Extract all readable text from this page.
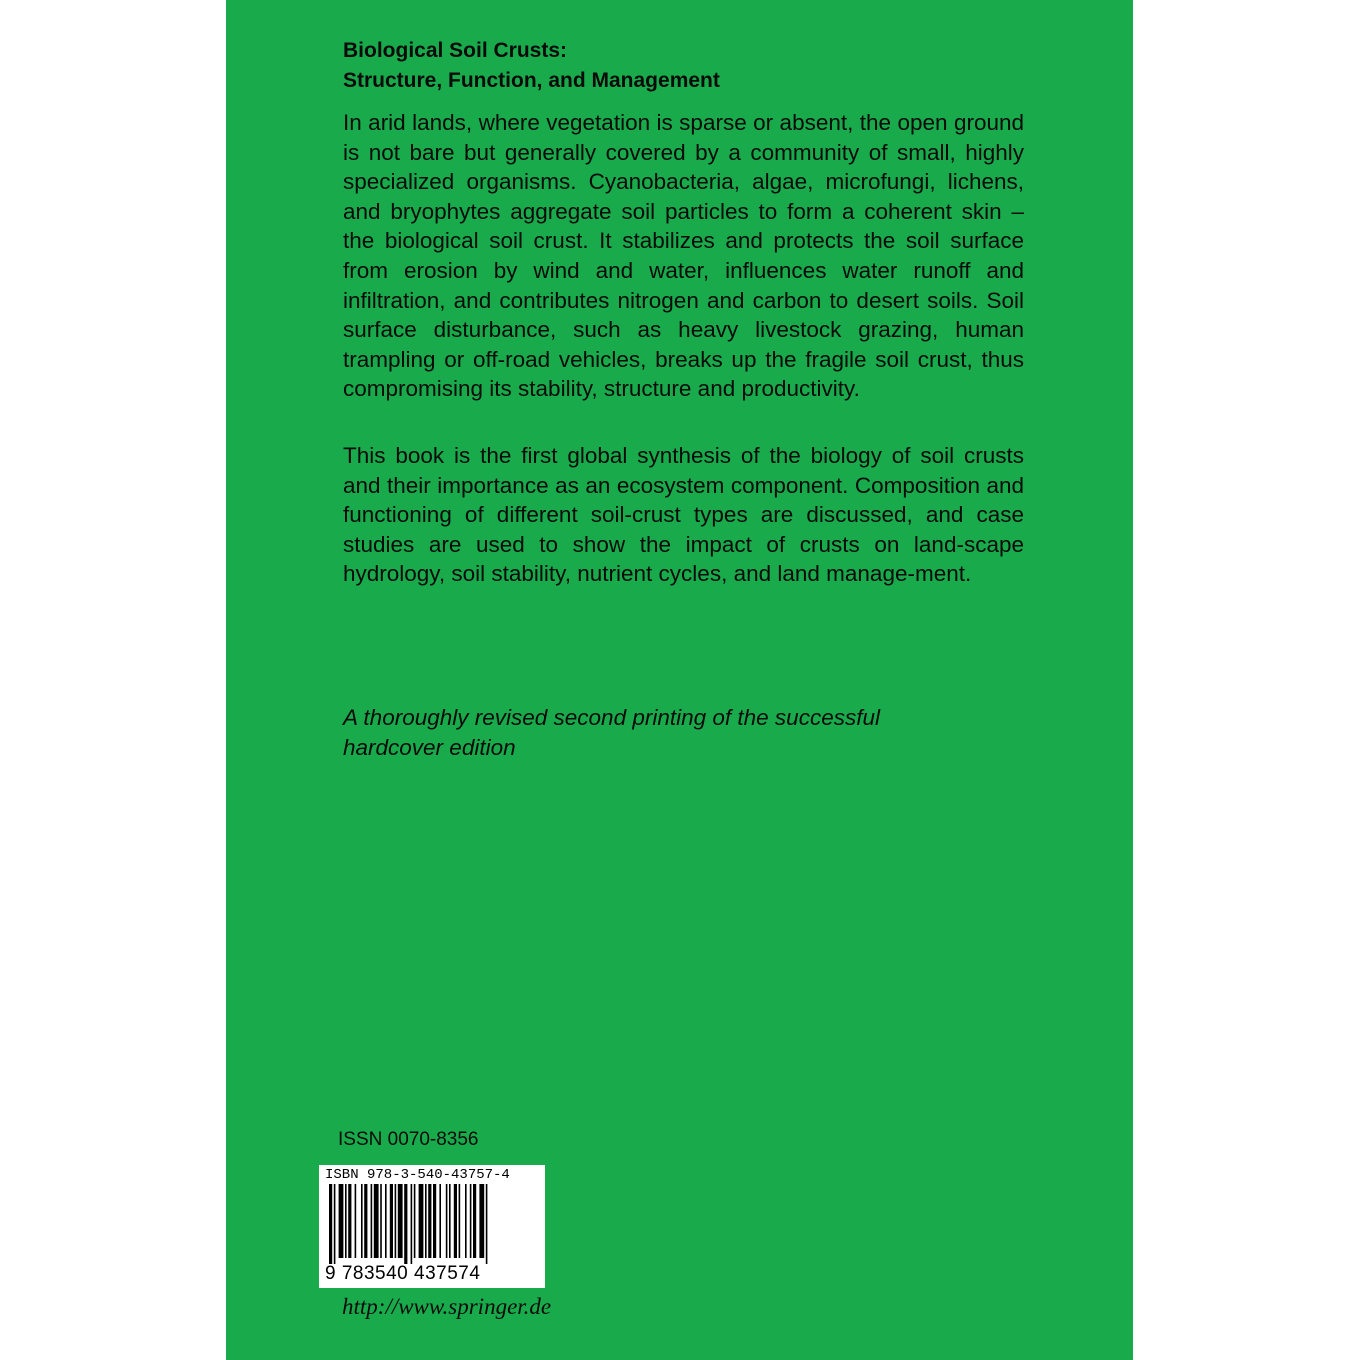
Biological Soil Crusts:
Structure, Function, and Management
In arid lands, where vegetation is sparse or absent, the open ground is not bare but generally covered by a community of small, highly specialized organisms. Cyanobacteria, algae, microfungi, lichens, and bryophytes aggregate soil particles to form a coherent skin – the biological soil crust. It stabilizes and protects the soil surface from erosion by wind and water, influences water runoff and infiltration, and contributes nitrogen and carbon to desert soils. Soil surface disturbance, such as heavy livestock grazing, human trampling or off-road vehicles, breaks up the fragile soil crust, thus compromising its stability, structure and productivity.
This book is the first global synthesis of the biology of soil crusts and their importance as an ecosystem component. Composition and functioning of different soil-crust types are discussed, and case studies are used to show the impact of crusts on land-scape hydrology, soil stability, nutrient cycles, and land manage-ment.
A thoroughly revised second printing of the successful hardcover edition
ISSN 0070-8356
ISBN 978-3-540-43757-4
9 783540 437574
http://www.springer.de
